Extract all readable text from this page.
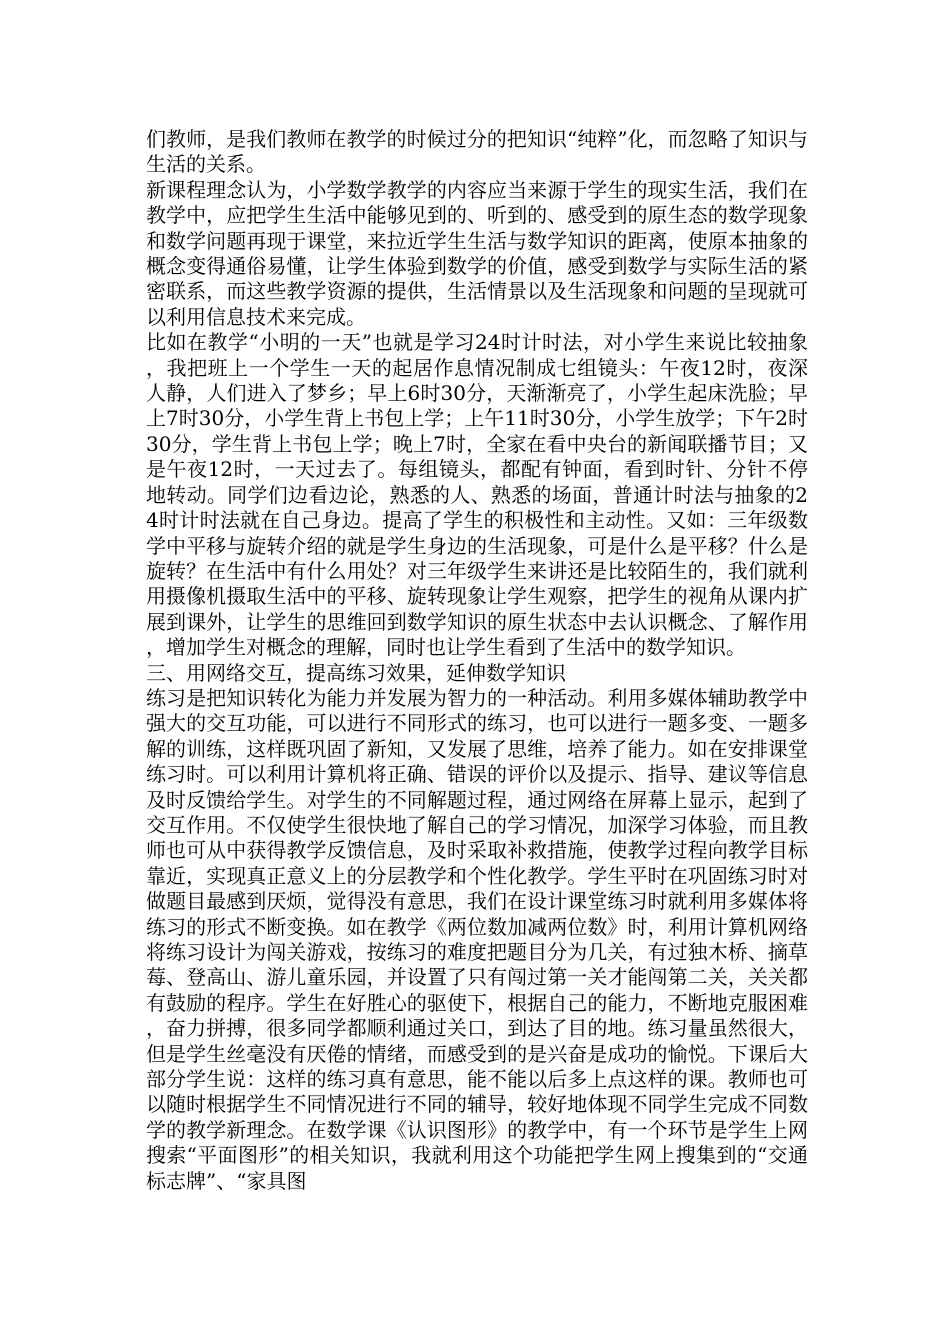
们教师，是我们教师在教学的时候过分的把知识“纯粹”化，而忽略了知识与生活的关系。

新课程理念认为，小学数学教学的内容应当来源于学生的现实生活，我们在教学中，应把学生生活中能够见到的、听到的、感受到的原生态的数学现象和数学问题再现于课堂，来拉近学生生活与数学知识的距离，使原本抽象的概念变得通俗易懂，让学生体验到数学的价值，感受到数学与实际生活的紧密联系，而这些教学资源的提供，生活情景以及生活现象和问题的呈现就可以利用信息技术来完成。

比如在教学“小明的一天”也就是学习24时计时法，对小学生来说比较抽象，我把班上一个学生一天的起居作息情况制成七组镜头：午夜12时，夜深人静，人们进入了梦乡；早上6时30分，天渐渐亮了，小学生起床洗脸；早上7时30分，小学生背上书包上学；上午11时30分，小学生放学；下午2时30分，学生背上书包上学；晚上7时，全家在看中央台的新闻联播节目；又是午夜12时，一天过去了。每组镜头，都配有钟面，看到时针、分针不停地转动。同学们边看边论，熟悉的人、熟悉的场面，普通计时法与抽象的24时计时法就在自己身边。提高了学生的积极性和主动性。又如：三年级数学中平移与旋转介绍的就是学生身边的生活现象，可是什么是平移？什么是旋转？在生活中有什么用处？对三年级学生来讲还是比较陌生的，我们就利用摄像机摄取生活中的平移、旋转现象让学生观察，把学生的视角从课内扩展到课外，让学生的思维回到数学知识的原生状态中去认识概念、了解作用，增加学生对概念的理解，同时也让学生看到了生活中的数学知识。

三、用网络交互，提高练习效果，延伸数学知识

练习是把知识转化为能力并发展为智力的一种活动。利用多媒体辅助教学中强大的交互功能，可以进行不同形式的练习，也可以进行一题多变、一题多解的训练，这样既巩固了新知，又发展了思维，培养了能力。如在安排课堂练习时。可以利用计算机将正确、错误的评价以及提示、指导、建议等信息及时反馈给学生。对学生的不同解题过程，通过网络在屏幕上显示，起到了交互作用。不仅使学生很快地了解自己的学习情况，加深学习体验，而且教师也可从中获得教学反馈信息，及时采取补救措施，使教学过程向教学目标靠近，实现真正意义上的分层教学和个性化教学。学生平时在巩固练习时对做题目最感到厌烦，觉得没有意思，我们在设计课堂练习时就利用多媒体将练习的形式不断变换。如在教学《两位数加减两位数》时，利用计算机网络将练习设计为闯关游戏，按练习的难度把题目分为几关，有过独木桥、摘草莓、登高山、游儿童乐园，并设置了只有闯过第一关才能闯第二关，关关都有鼓励的程序。学生在好胜心的驱使下，根据自己的能力，不断地克服困难，奋力拼搏，很多同学都顺利通过关口，到达了目的地。练习量虽然很大，但是学生丝毫没有厌倦的情绪，而感受到的是兴奋是成功的愉悦。下课后大部分学生说：这样的练习真有意思，能不能以后多上点这样的课。教师也可以随时根据学生不同情况进行不同的辅导，较好地体现不同学生完成不同数学的教学新理念。在数学课《认识图形》的教学中，有一个环节是学生上网搜索“平面图形”的相关知识，我就利用这个功能把学生网上搜集到的“交通标志牌”、“家具图
